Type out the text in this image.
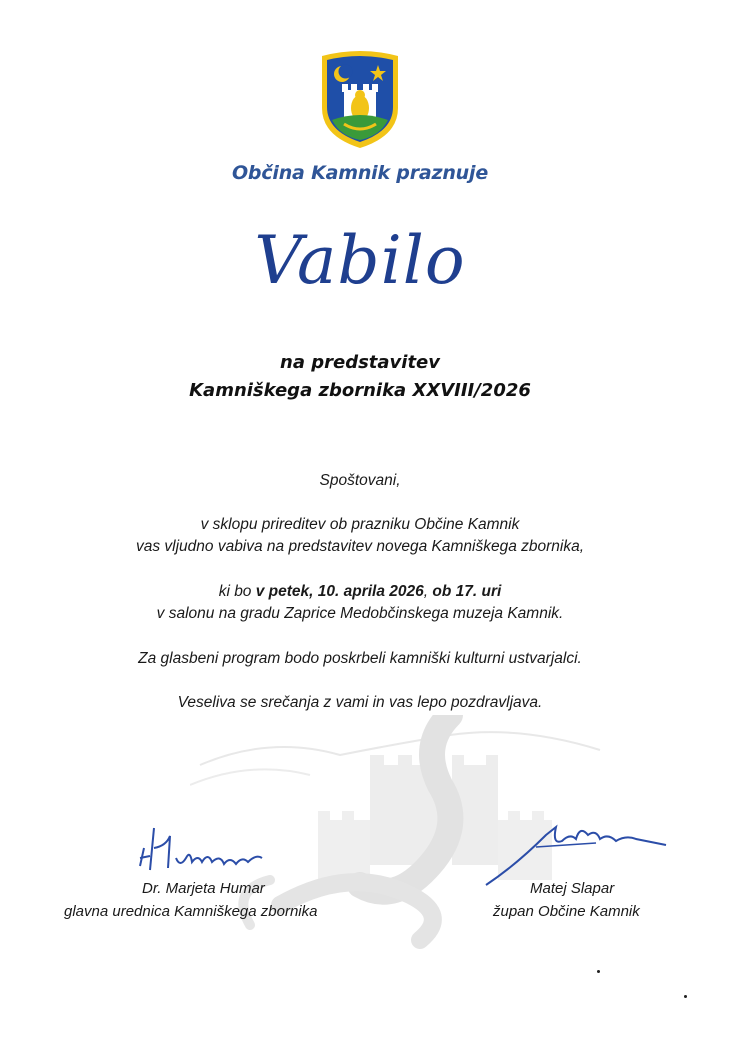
Občina Kamnik praznuje
Vabilo
na predstavitev
Kamniškega zbornika XXVIII/2026
Spoštovani,
v sklopu prireditev ob prazniku Občine Kamnik
vas vljudno vabiva na predstavitev novega Kamniškega zbornika,
ki bo v petek, 10. aprila 2026, ob 17. uri
v salonu na gradu Zaprice Medobčinskega muzeja Kamnik.
Za glasbeni program bodo poskrbeli kamniški kulturni ustvarjalci.
Veseliva se srečanja z vami in vas lepo pozdravljava.
Dr. Marjeta Humar
glavna urednica Kamniškega zbornika
Matej Slapar
župan Občine Kamnik
